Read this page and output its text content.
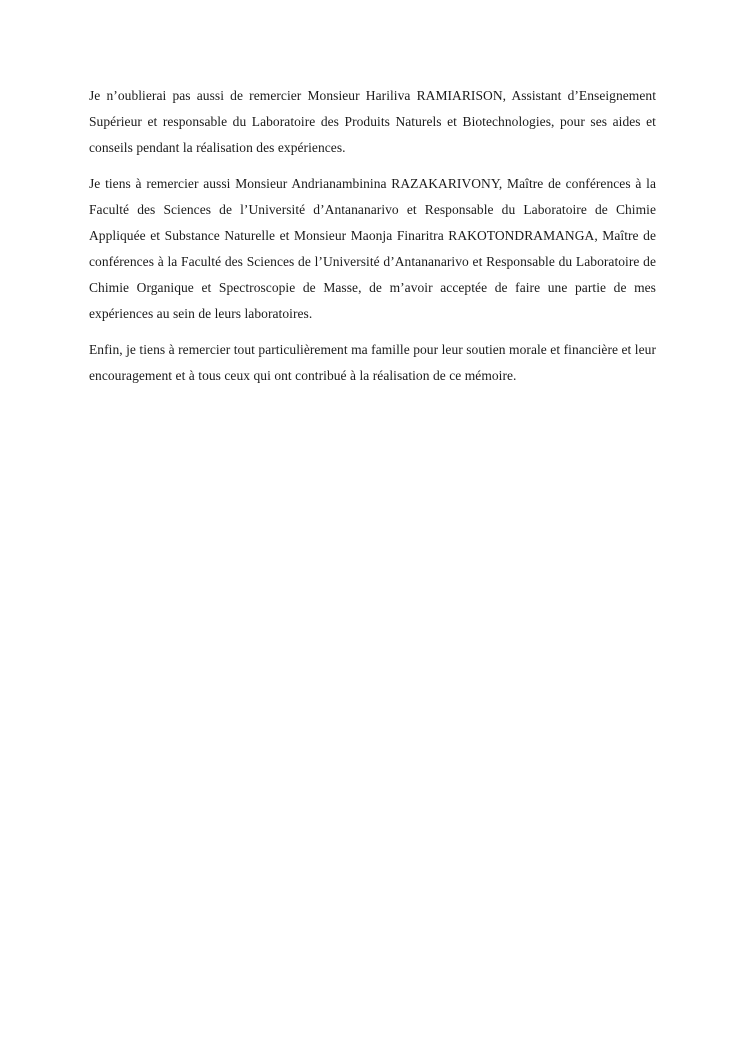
Je n’oublierai pas aussi de remercier Monsieur Hariliva RAMIARISON, Assistant d’Enseignement Supérieur et responsable du Laboratoire des Produits Naturels et Biotechnologies, pour ses aides et conseils pendant la réalisation des expériences.

Je tiens à remercier aussi Monsieur Andrianambinina RAZAKARIVONY, Maître de conférences à la Faculté des Sciences de l’Université d’Antananarivo et Responsable du Laboratoire de Chimie Appliquée et Substance Naturelle et Monsieur Maonja Finaritra RAKOTONDRAMANGA, Maître de conférences à la Faculté des Sciences de l’Université d’Antananarivo et Responsable du Laboratoire de Chimie Organique et Spectroscopie de Masse, de m’avoir acceptée de faire une partie de mes expériences au sein de leurs laboratoires.

Enfin, je tiens à remercier tout particulièrement ma famille pour leur soutien morale et financière et leur encouragement et à tous ceux qui ont contribué à la réalisation de ce mémoire.
